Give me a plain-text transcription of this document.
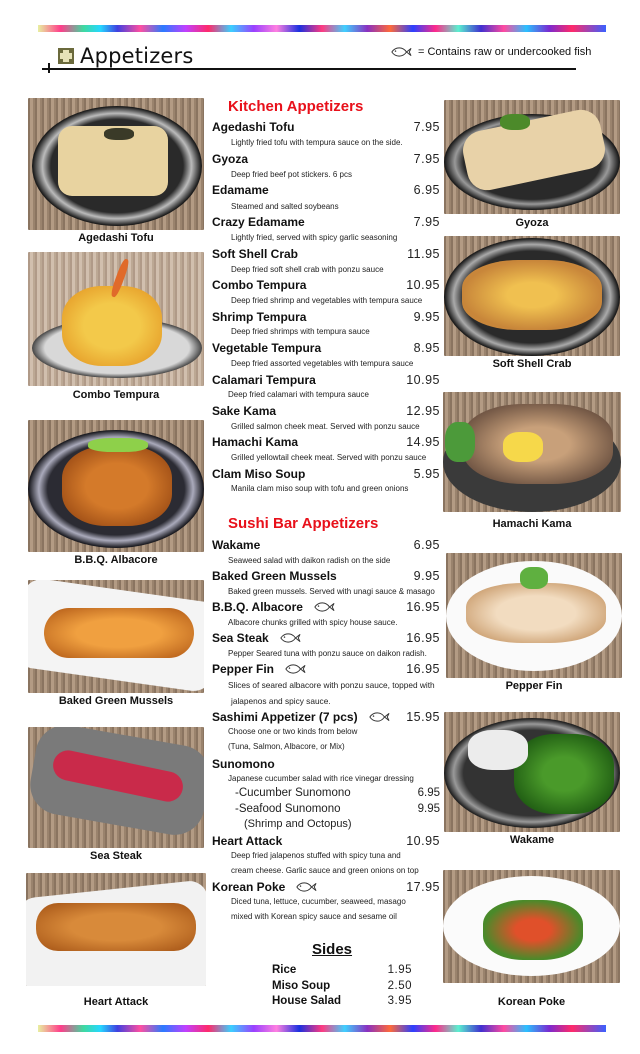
Appetizers	= Contains raw or undercooked fish
Agedashi Tofu
Combo Tempura
B.B.Q. Albacore
Baked Green Mussels
Sea Steak
Heart Attack
Gyoza
Soft Shell Crab
Hamachi Kama
Pepper Fin
Wakame
Korean Poke
Kitchen Appetizers
Agedashi Tofu	7.95
Lightly fried tofu with tempura sauce on the side.
Gyoza	7.95
Deep fried beef pot stickers. 6 pcs
Edamame	6.95
Steamed and salted soybeans
Crazy Edamame	7.95
Lightly fried, served with spicy garlic seasoning
Soft Shell Crab	11.95
Deep fried soft shell crab with ponzu sauce
Combo Tempura	10.95
Deep fried shrimp and vegetables with tempura sauce
Shrimp Tempura	9.95
Deep fried shrimps with tempura sauce
Vegetable Tempura	8.95
Deep fried assorted vegetables with tempura sauce
Calamari Tempura	10.95
Deep fried calamari with tempura sauce
Sake Kama	12.95
Grilled salmon cheek meat. Served with ponzu sauce
Hamachi Kama	14.95
Grilled yellowtail cheek meat. Served with ponzu sauce
Clam Miso Soup	5.95
Manila clam miso soup with tofu and green onions
Sushi Bar Appetizers
Wakame	6.95
Seaweed salad with daikon radish on the side
Baked Green Mussels	9.95
Baked green mussels. Served with unagi sauce & masago
B.B.Q. Albacore	16.95
Albacore chunks grilled with spicy house sauce.
Sea Steak	16.95
Pepper Seared tuna with ponzu sauce on daikon radish.
Pepper Fin	16.95
Slices of seared albacore with ponzu sauce, topped with
jalapenos and spicy sauce.
Sashimi Appetizer (7 pcs)	15.95
Choose one or two kinds from below
(Tuna, Salmon, Albacore, or Mix)
Sunomono
Japanese cucumber salad with rice vinegar dressing
-Cucumber Sunomono	6.95
-Seafood Sunomono	9.95
(Shrimp and Octopus)
Heart Attack	10.95
Deep fried jalapenos stuffed with spicy tuna and
cream cheese. Garlic sauce and green onions on top
Korean Poke	17.95
Diced tuna, lettuce, cucumber, seaweed, masago
mixed with Korean spicy sauce and sesame oil
Sides
Rice	1.95
Miso Soup	2.50
House Salad	3.95
